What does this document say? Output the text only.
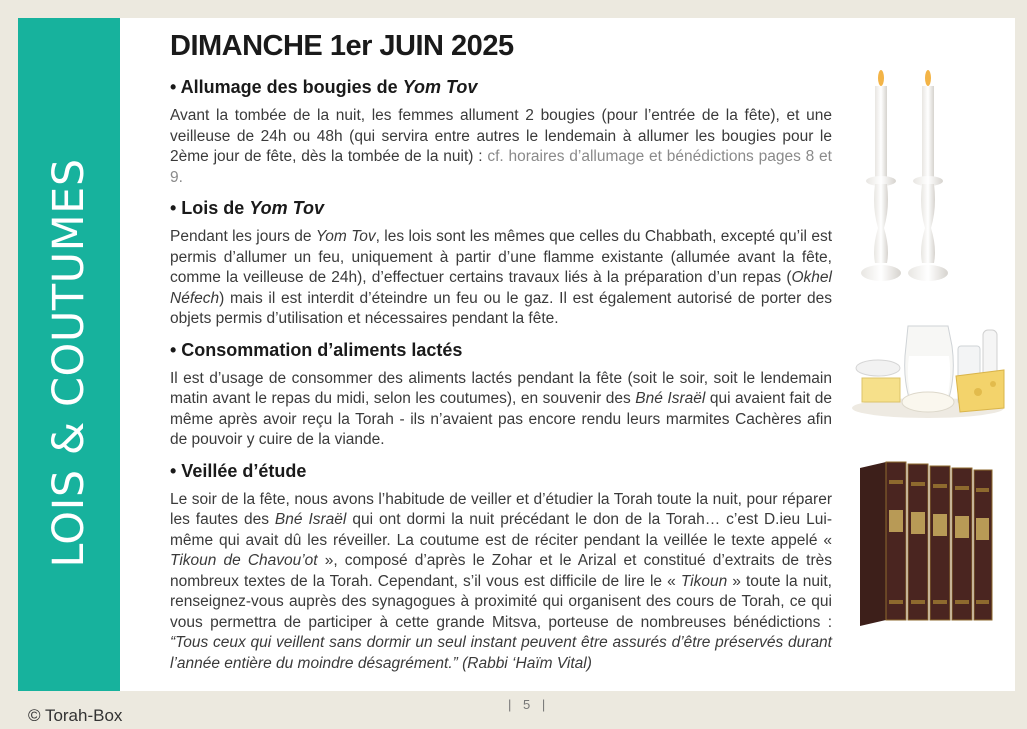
LOIS & COUTUMES
DIMANCHE 1er JUIN 2025
• Allumage des bougies de Yom Tov

Avant la tombée de la nuit, les femmes allument 2 bougies (pour l’entrée de la fête), et une veilleuse de 24h ou 48h (qui servira entre autres le lendemain à allumer les bougies pour le 2ème jour de fête, dès la tombée de la nuit) : cf. horaires d’allumage et bénédictions pages 8 et 9.

• Lois de Yom Tov

Pendant les jours de Yom Tov, les lois sont les mêmes que celles du Chabbath, excepté qu’il est permis d’allumer un feu, uniquement à partir d’une flamme existante (allumée avant la fête, comme la veilleuse de 24h), d’effectuer certains travaux liés à la préparation d’un repas (Okhel Néfech) mais il est interdit d’éteindre un feu ou le gaz. Il est également autorisé de porter des objets permis d’utilisation et nécessaires pendant la fête.

• Consommation d’aliments lactés

Il est d’usage de consommer des aliments lactés pendant la fête (soit le soir, soit le lendemain matin avant le repas du midi, selon les coutumes), en souvenir des Bné Israël qui avaient fait de même après avoir reçu la Torah - ils n’avaient pas encore rendu leurs marmites Cachères afin de pouvoir y cuire de la viande.

• Veillée d’étude

Le soir de la fête, nous avons l’habitude de veiller et d’étudier la Torah toute la nuit, pour réparer les fautes des Bné Israël qui ont dormi la nuit précédant le don de la Torah… c’est D.ieu Lui-même qui avait dû les réveiller. La coutume est de réciter pendant la veillée le texte appelé « Tikoun de Chavou’ot », composé d’après le Zohar et le Arizal et constitué d’extraits de très nombreux textes de la Torah. Cependant, s’il vous est difficile de lire le « Tikoun » toute la nuit, renseignez-vous auprès des synagogues à proximité qui organisent des cours de Torah, ce qui vous permettra de participer à cette grande Mitsva, porteuse de nombreuses bénédictions : “Tous ceux qui veillent sans dormir un seul instant peuvent être assurés d’être préservés durant l’année entière du moindre désagrément.” (Rabbi ‘Haïm Vital)

© Torah-Box
| 5 |
